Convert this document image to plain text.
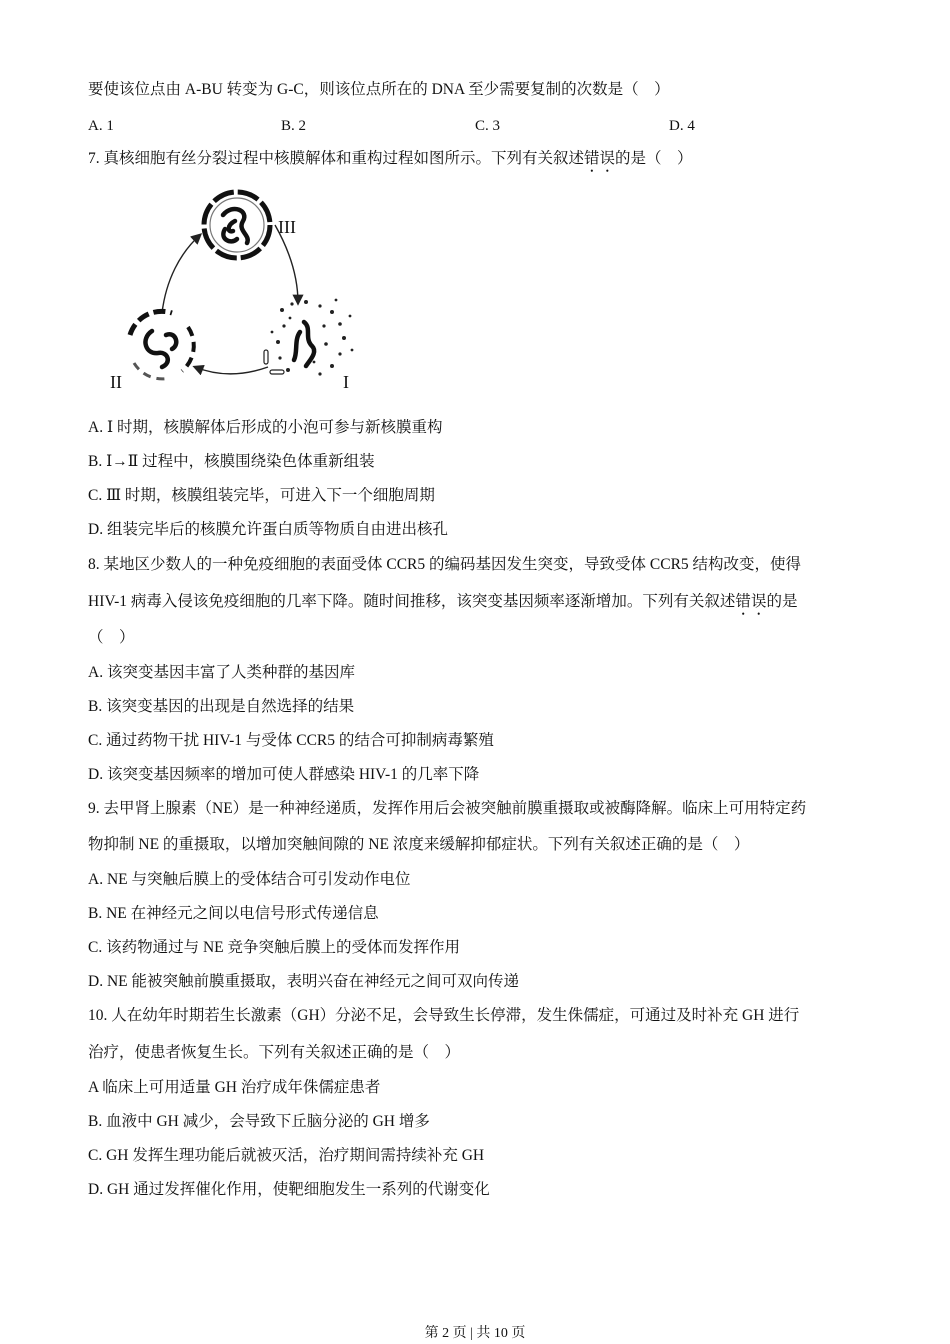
要使该位点由 A-BU 转变为 G-C，则该位点所在的 DNA 至少需要复制的次数是（　）
A. 1	B. 2	C. 3	D. 4
7. 真核细胞有丝分裂过程中核膜解体和重构过程如图所示。下列有关叙述错误的是（　）
III
I
II
A. Ⅰ 时期，核膜解体后形成的小泡可参与新核膜重构
B. Ⅰ→Ⅱ 过程中，核膜围绕染色体重新组装
C. Ⅲ 时期，核膜组装完毕，可进入下一个细胞周期
D. 组装完毕后的核膜允许蛋白质等物质自由进出核孔
8. 某地区少数人的一种免疫细胞的表面受体 CCR5 的编码基因发生突变，导致受体 CCR5 结构改变，使得
HIV-1 病毒入侵该免疫细胞的几率下降。随时间推移，该突变基因频率逐渐增加。下列有关叙述错误的是
（　）
A. 该突变基因丰富了人类种群的基因库
B. 该突变基因的出现是自然选择的结果
C. 通过药物干扰 HIV-1 与受体 CCR5 的结合可抑制病毒繁殖
D. 该突变基因频率的增加可使人群感染 HIV-1 的几率下降
9. 去甲肾上腺素（NE）是一种神经递质，发挥作用后会被突触前膜重摄取或被酶降解。临床上可用特定药
物抑制 NE 的重摄取，以增加突触间隙的 NE 浓度来缓解抑郁症状。下列有关叙述正确的是（　）
A. NE 与突触后膜上的受体结合可引发动作电位
B. NE 在神经元之间以电信号形式传递信息
C. 该药物通过与 NE 竞争突触后膜上的受体而发挥作用
D. NE 能被突触前膜重摄取，表明兴奋在神经元之间可双向传递
10. 人在幼年时期若生长激素（GH）分泌不足，会导致生长停滞，发生侏儒症，可通过及时补充 GH 进行
治疗，使患者恢复生长。下列有关叙述正确的是（　）
A 临床上可用适量 GH 治疗成年侏儒症患者
B. 血液中 GH 减少，会导致下丘脑分泌的 GH 增多
C. GH 发挥生理功能后就被灭活，治疗期间需持续补充 GH
D. GH 通过发挥催化作用，使靶细胞发生一系列的代谢变化
第 2 页 | 共 10 页
